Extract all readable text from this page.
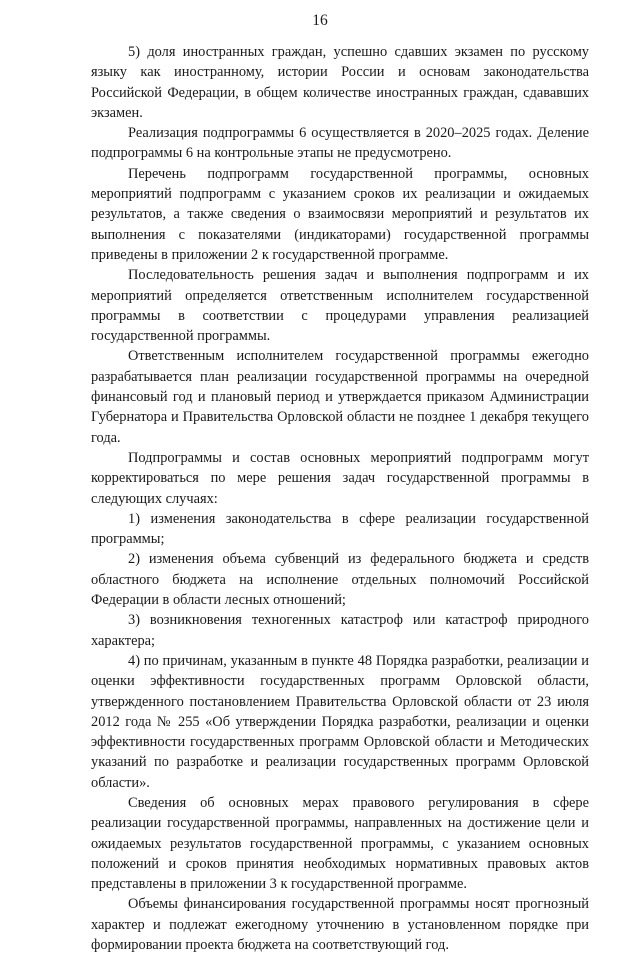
16

5) доля иностранных граждан, успешно сдавших экзамен по русскому языку как иностранному, истории России и основам законодательства Российской Федерации, в общем количестве иностранных граждан, сдававших экзамен.

Реализация подпрограммы 6 осуществляется в 2020–2025 годах. Деление подпрограммы 6 на контрольные этапы не предусмотрено.

Перечень подпрограмм государственной программы, основных мероприятий подпрограмм с указанием сроков их реализации и ожидаемых результатов, а также сведения о взаимосвязи мероприятий и результатов их выполнения с показателями (индикаторами) государственной программы приведены в приложении 2 к государственной программе.

Последовательность решения задач и выполнения подпрограмм и их мероприятий определяется ответственным исполнителем государственной программы в соответствии с процедурами управления реализацией государственной программы.

Ответственным исполнителем государственной программы ежегодно разрабатывается план реализации государственной программы на очередной финансовый год и плановый период и утверждается приказом Администрации Губернатора и Правительства Орловской области не позднее 1 декабря текущего года.

Подпрограммы и состав основных мероприятий подпрограмм могут корректироваться по мере решения задач государственной программы в следующих случаях:

1) изменения законодательства в сфере реализации государственной программы;

2) изменения объема субвенций из федерального бюджета и средств областного бюджета на исполнение отдельных полномочий Российской Федерации в области лесных отношений;

3) возникновения техногенных катастроф или катастроф природного характера;

4) по причинам, указанным в пункте 48 Порядка разработки, реализации и оценки эффективности государственных программ Орловской области, утвержденного постановлением Правительства Орловской области от 23 июля 2012 года № 255 «Об утверждении Порядка разработки, реализации и оценки эффективности государственных программ Орловской области и Методических указаний по разработке и реализации государственных программ Орловской области».

Сведения об основных мерах правового регулирования в сфере реализации государственной программы, направленных на достижение цели и ожидаемых результатов государственной программы, с указанием основных положений и сроков принятия необходимых нормативных правовых актов представлены в приложении 3 к государственной программе.

Объемы финансирования государственной программы носят прогнозный характер и подлежат ежегодному уточнению в установленном порядке при формировании проекта бюджета на соответствующий год.
